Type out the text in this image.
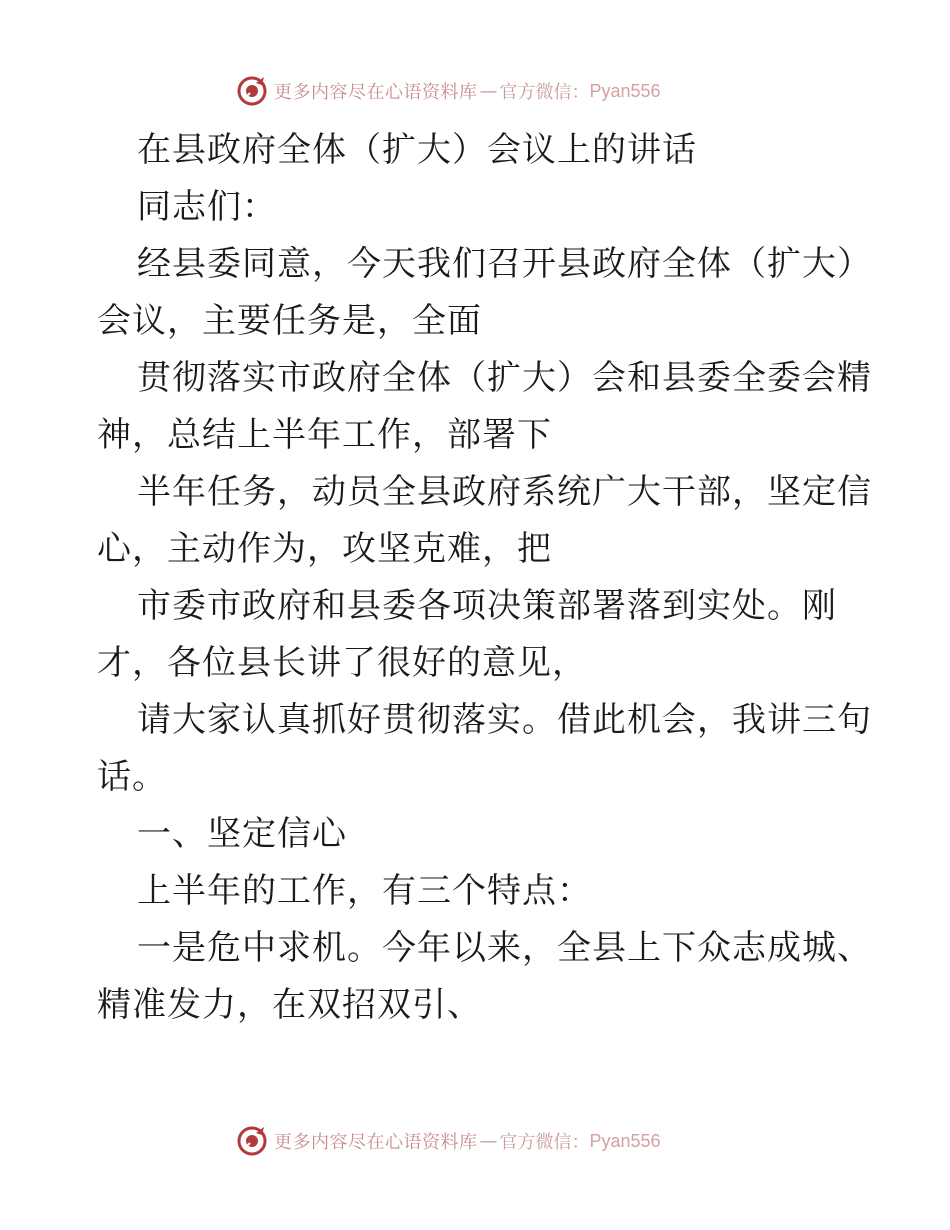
更多内容尽在心语资料库 — 官方微信： Pyan556
在县政府全体（扩大）会议上的讲话
同志们：
经县委同意，今天我们召开县政府全体（扩大）
会议，主要任务是，全面
贯彻落实市政府全体（扩大）会和县委全委会精
神，总结上半年工作，部署下
半年任务，动员全县政府系统广大干部，坚定信
心，主动作为，攻坚克难，把
市委市政府和县委各项决策部署落到实处。刚
才，各位县长讲了很好的意见，
请大家认真抓好贯彻落实。借此机会，我讲三句
话。
一、坚定信心
上半年的工作，有三个特点：
一是危中求机。今年以来，全县上下众志成城、
精准发力，在双招双引、
更多内容尽在心语资料库 — 官方微信： Pyan556
